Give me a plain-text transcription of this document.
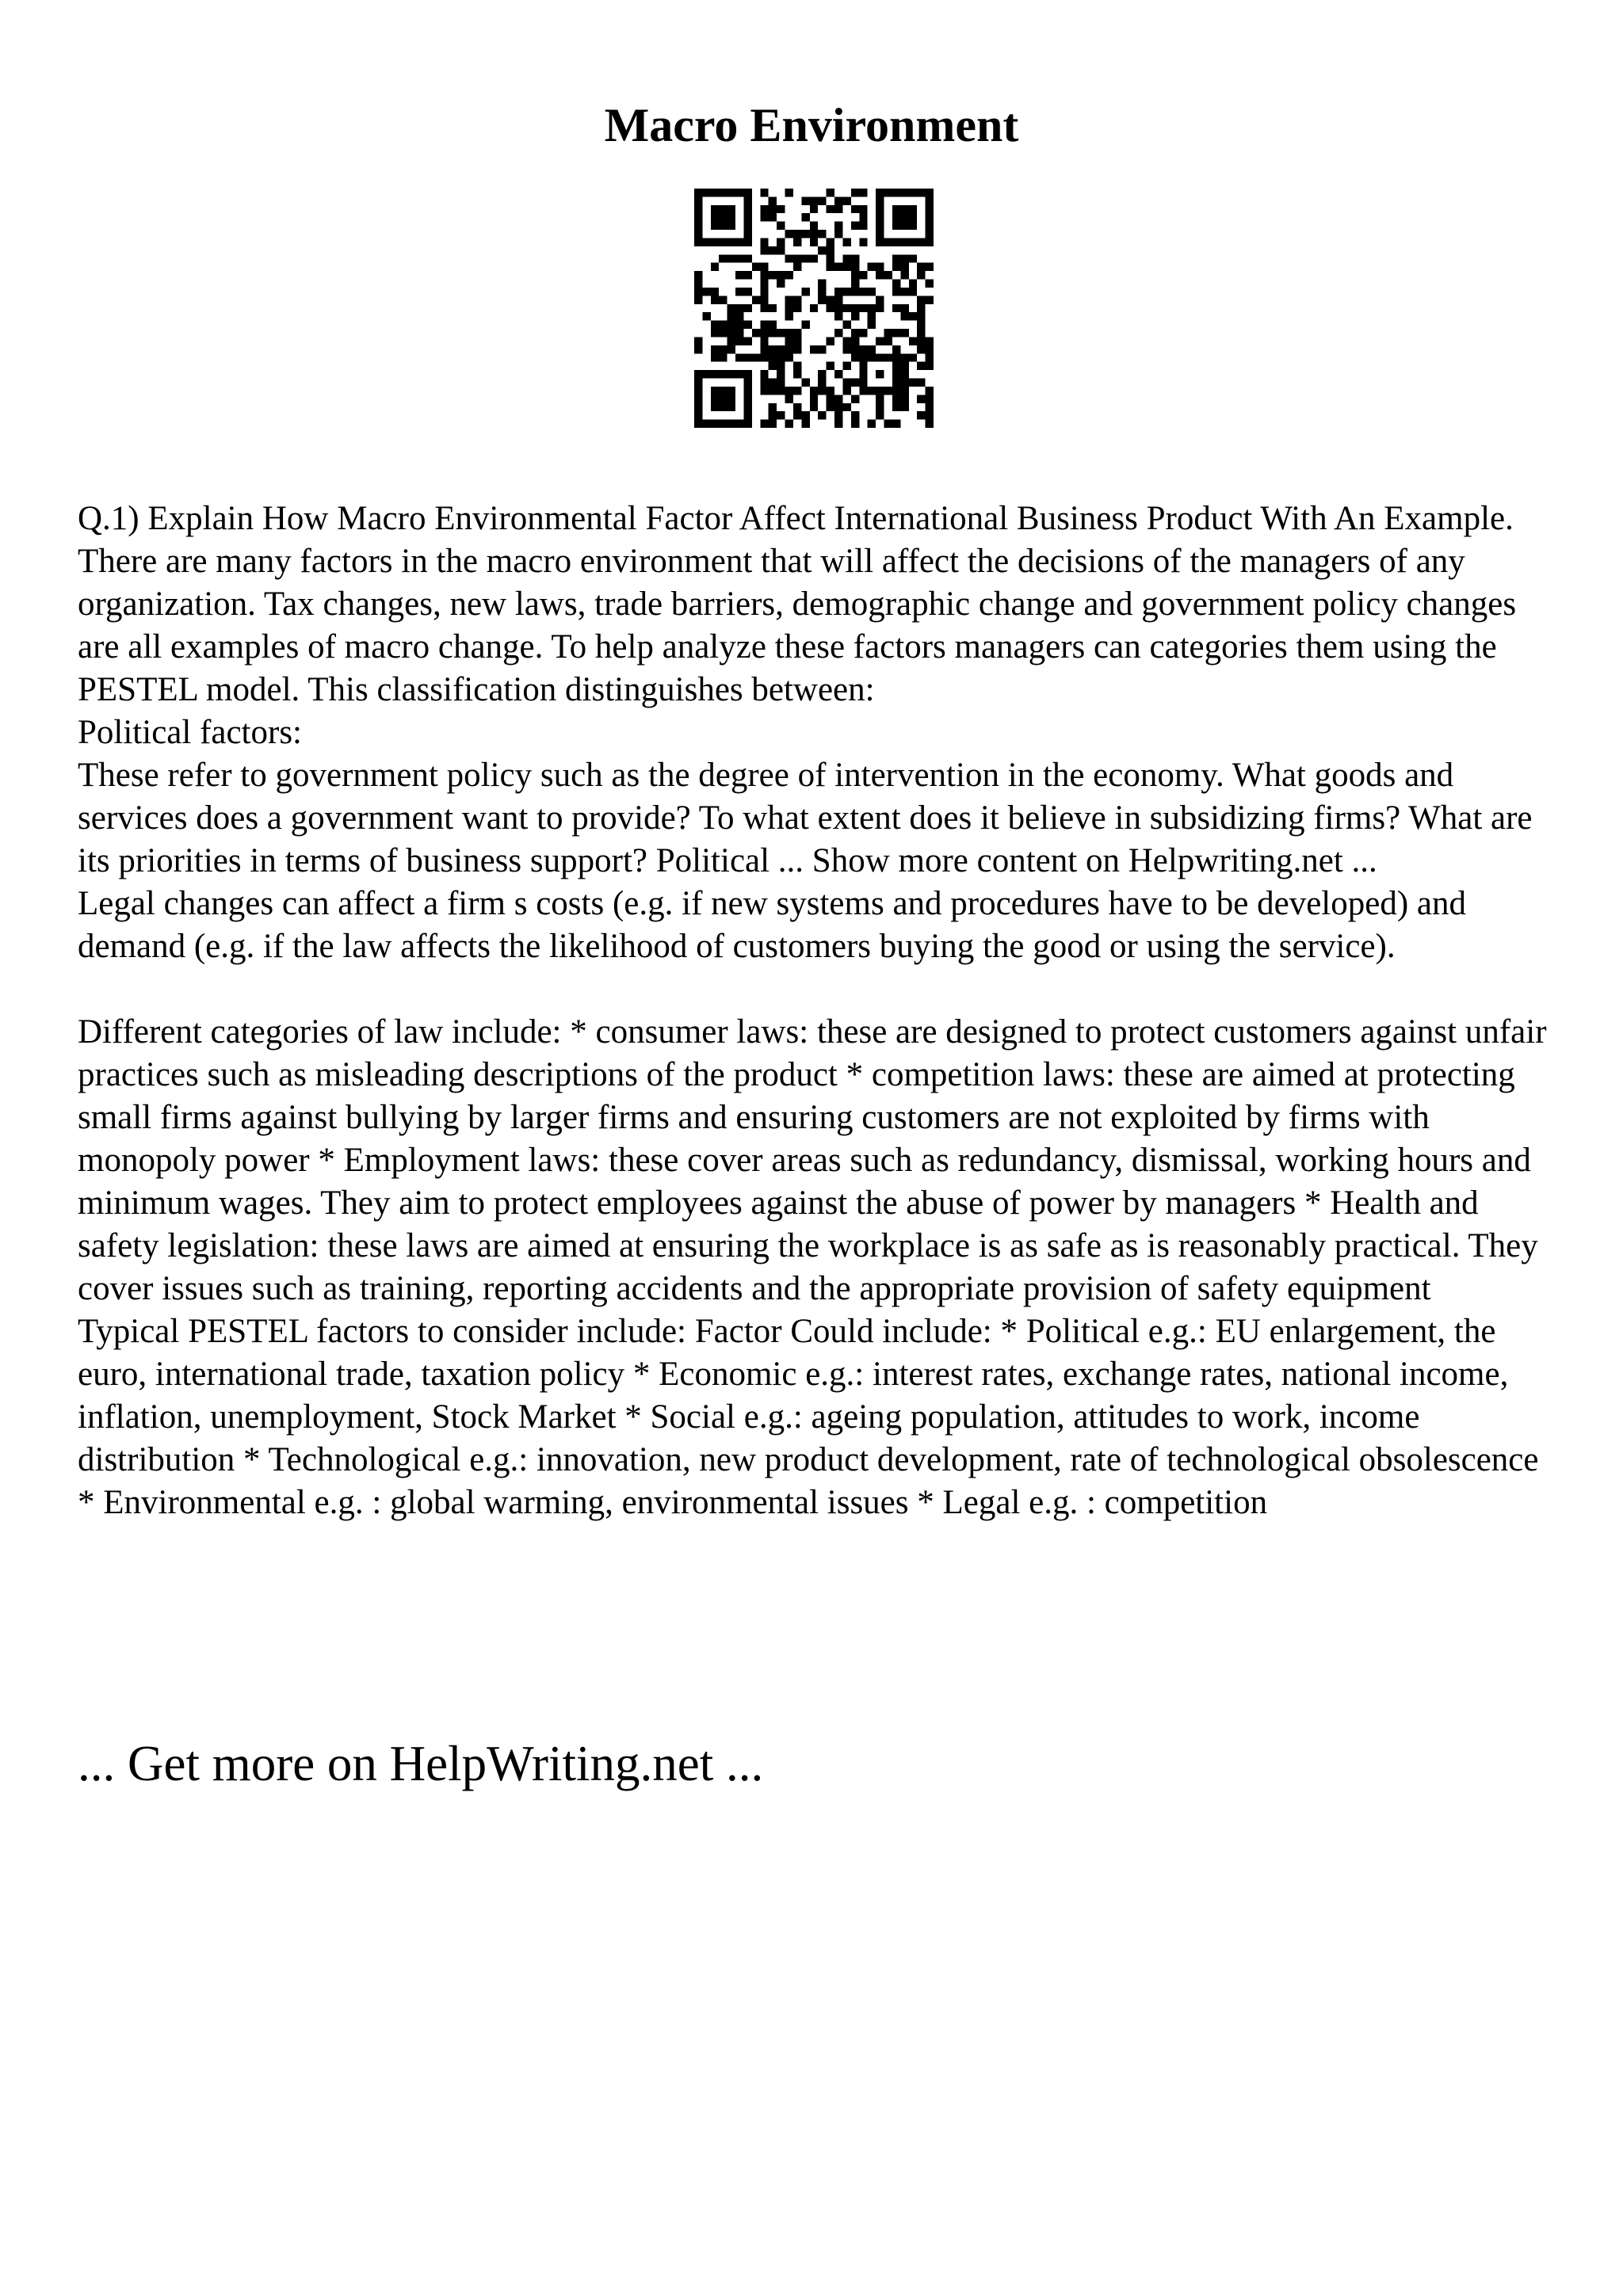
Macro Environment

Q.1) Explain How Macro Environmental Factor Affect International Business Product With An Example.

There are many factors in the macro environment that will affect the decisions of the managers of any organization. Tax changes, new laws, trade barriers, demographic change and government policy changes are all examples of macro change. To help analyze these factors managers can categories them using the PESTEL model. This classification distinguishes between:

Political factors:

These refer to government policy such as the degree of intervention in the economy. What goods and services does a government want to provide? To what extent does it believe in subsidizing firms? What are its priorities in terms of business support? Political ... Show more content on Helpwriting.net ...

Legal changes can affect a firm s costs (e.g. if new systems and procedures have to be developed) and demand (e.g. if the law affects the likelihood of customers buying the good or using the service).

Different categories of law include: * consumer laws: these are designed to protect customers against unfair practices such as misleading descriptions of the product * competition laws: these are aimed at protecting small firms against bullying by larger firms and ensuring customers are not exploited by firms with monopoly power * Employment laws: these cover areas such as redundancy, dismissal, working hours and minimum wages. They aim to protect employees against the abuse of power by managers * Health and safety legislation: these laws are aimed at ensuring the workplace is as safe as is reasonably practical. They cover issues such as training, reporting accidents and the appropriate provision of safety equipment

Typical PESTEL factors to consider include: Factor Could include: * Political e.g.: EU enlargement, the euro, international trade, taxation policy * Economic e.g.: interest rates, exchange rates, national income, inflation, unemployment, Stock Market * Social e.g.: ageing population, attitudes to work, income distribution * Technological e.g.: innovation, new product development, rate of technological obsolescence * Environmental e.g. : global warming, environmental issues * Legal e.g. : competition

... Get more on HelpWriting.net ...
